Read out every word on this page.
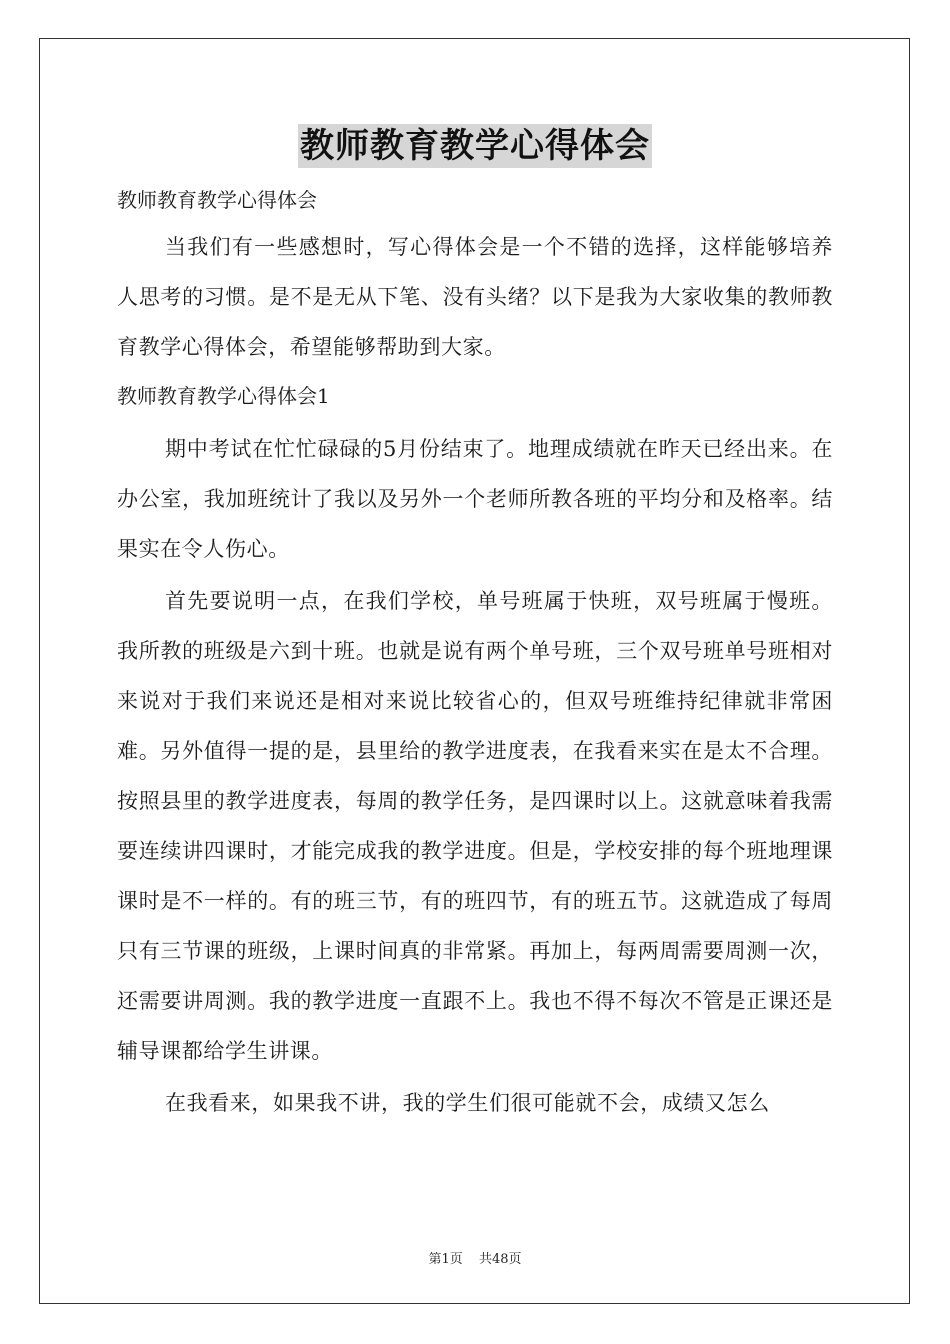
教师教育教学心得体会

教师教育教学心得体会

当我们有一些感想时，写心得体会是一个不错的选择，这样能够培养人思考的习惯。是不是无从下笔、没有头绪？以下是我为大家收集的教师教育教学心得体会，希望能够帮助到大家。

教师教育教学心得体会1

期中考试在忙忙碌碌的5月份结束了。地理成绩就在昨天已经出来。在办公室，我加班统计了我以及另外一个老师所教各班的平均分和及格率。结果实在令人伤心。

首先要说明一点，在我们学校，单号班属于快班，双号班属于慢班。我所教的班级是六到十班。也就是说有两个单号班，三个双号班单号班相对来说对于我们来说还是相对来说比较省心的，但双号班维持纪律就非常困难。另外值得一提的是，县里给的教学进度表，在我看来实在是太不合理。按照县里的教学进度表，每周的教学任务，是四课时以上。这就意味着我需要连续讲四课时，才能完成我的教学进度。但是，学校安排的每个班地理课课时是不一样的。有的班三节，有的班四节，有的班五节。这就造成了每周只有三节课的班级，上课时间真的非常紧。再加上，每两周需要周测一次，还需要讲周测。我的教学进度一直跟不上。我也不得不每次不管是正课还是辅导课都给学生讲课。

在我看来，如果我不讲，我的学生们很可能就不会，成绩又怎么

第1页 共48页
